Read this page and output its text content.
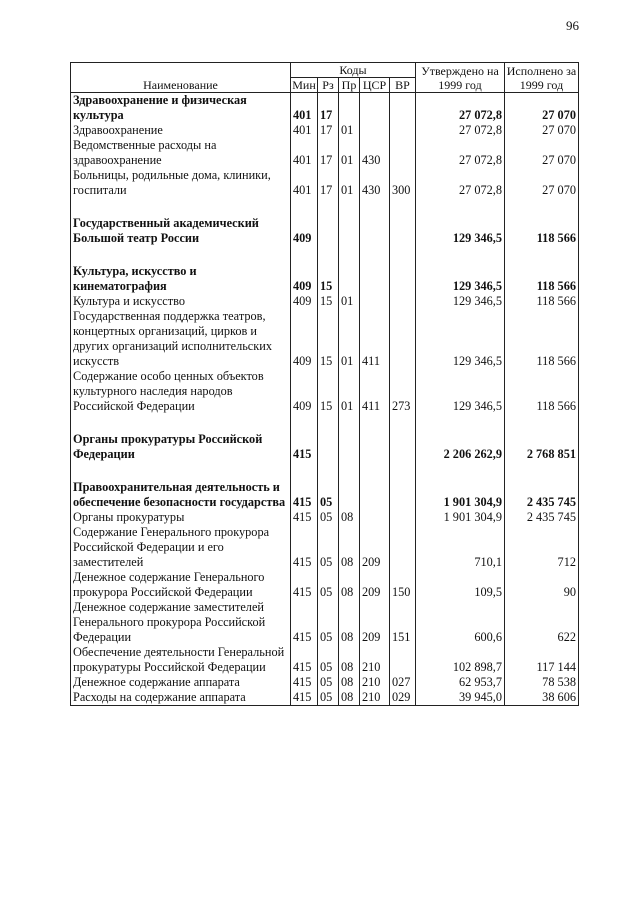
96
Наименование	Коды					Утверждено на 1999 год	Исполнено за 1999 год
	Мин	Рз	Пр	ЦСР	ВР		
Здравоохранение и физическая культура	401	17				27 072,8	27 070
Здравоохранение	401	17	01			27 072,8	27 070
Ведомственные расходы на здравоохранение	401	17	01	430		27 072,8	27 070
Больницы, родильные дома, клиники, госпитали	401	17	01	430	300	27 072,8	27 070

Государственный академический Большой театр России	409					129 346,5	118 566

Культура, искусство и кинематография	409	15				129 346,5	118 566
Культура и искусство	409	15	01			129 346,5	118 566
Государственная поддержка театров, концертных организаций, цирков и других организаций исполнительских искусств	409	15	01	411		129 346,5	118 566
Содержание особо ценных объектов культурного наследия народов Российской Федерации	409	15	01	411	273	129 346,5	118 566

Органы прокуратуры Российской Федерации	415					2 206 262,9	2 768 851

Правоохранительная деятельность и обеспечение безопасности государства	415	05				1 901 304,9	2 435 745
Органы прокуратуры	415	05	08			1 901 304,9	2 435 745
Содержание Генерального прокурора Российской Федерации и его заместителей	415	05	08	209		710,1	712
Денежное содержание Генерального прокурора Российской Федерации	415	05	08	209	150	109,5	90
Денежное содержание заместителей Генерального прокурора Российской Федерации	415	05	08	209	151	600,6	622
Обеспечение деятельности Генеральной прокуратуры Российской Федерации	415	05	08	210		102 898,7	117 144
Денежное содержание аппарата	415	05	08	210	027	62 953,7	78 538
Расходы на содержание аппарата	415	05	08	210	029	39 945,0	38 606
